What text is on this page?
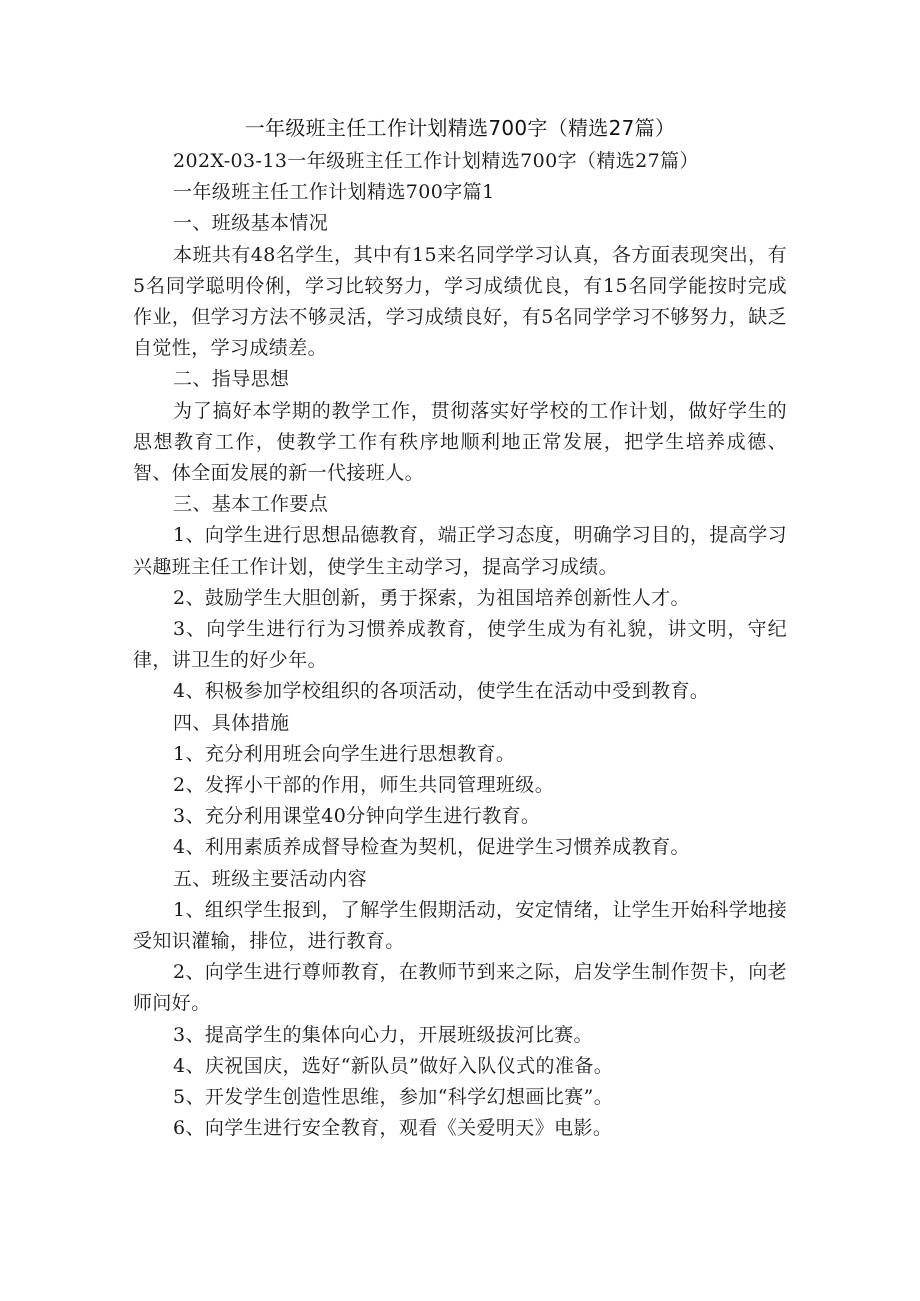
一年级班主任工作计划精选700字（精选27篇）

202X-03-13一年级班主任工作计划精选700字（精选27篇）

一年级班主任工作计划精选700字篇1

一、班级基本情况

本班共有48名学生，其中有15来名同学学习认真，各方面表现突出，有5名同学聪明伶俐，学习比较努力，学习成绩优良，有15名同学能按时完成作业，但学习方法不够灵活，学习成绩良好，有5名同学学习不够努力，缺乏自觉性，学习成绩差。

二、指导思想

为了搞好本学期的教学工作，贯彻落实好学校的工作计划，做好学生的思想教育工作，使教学工作有秩序地顺利地正常发展，把学生培养成德、智、体全面发展的新一代接班人。

三、基本工作要点

1、向学生进行思想品德教育，端正学习态度，明确学习目的，提高学习兴趣班主任工作计划，使学生主动学习，提高学习成绩。

2、鼓励学生大胆创新，勇于探索，为祖国培养创新性人才。

3、向学生进行行为习惯养成教育，使学生成为有礼貌，讲文明，守纪律，讲卫生的好少年。

4、积极参加学校组织的各项活动，使学生在活动中受到教育。

四、具体措施

1、充分利用班会向学生进行思想教育。

2、发挥小干部的作用，师生共同管理班级。

3、充分利用课堂40分钟向学生进行教育。

4、利用素质养成督导检查为契机，促进学生习惯养成教育。

五、班级主要活动内容

1、组织学生报到，了解学生假期活动，安定情绪，让学生开始科学地接受知识灌输，排位，进行教育。

2、向学生进行尊师教育，在教师节到来之际，启发学生制作贺卡，向老师问好。

3、提高学生的集体向心力，开展班级拔河比赛。

4、庆祝国庆，选好“新队员”做好入队仪式的准备。

5、开发学生创造性思维，参加“科学幻想画比赛”。

6、向学生进行安全教育，观看《关爱明天》电影。
